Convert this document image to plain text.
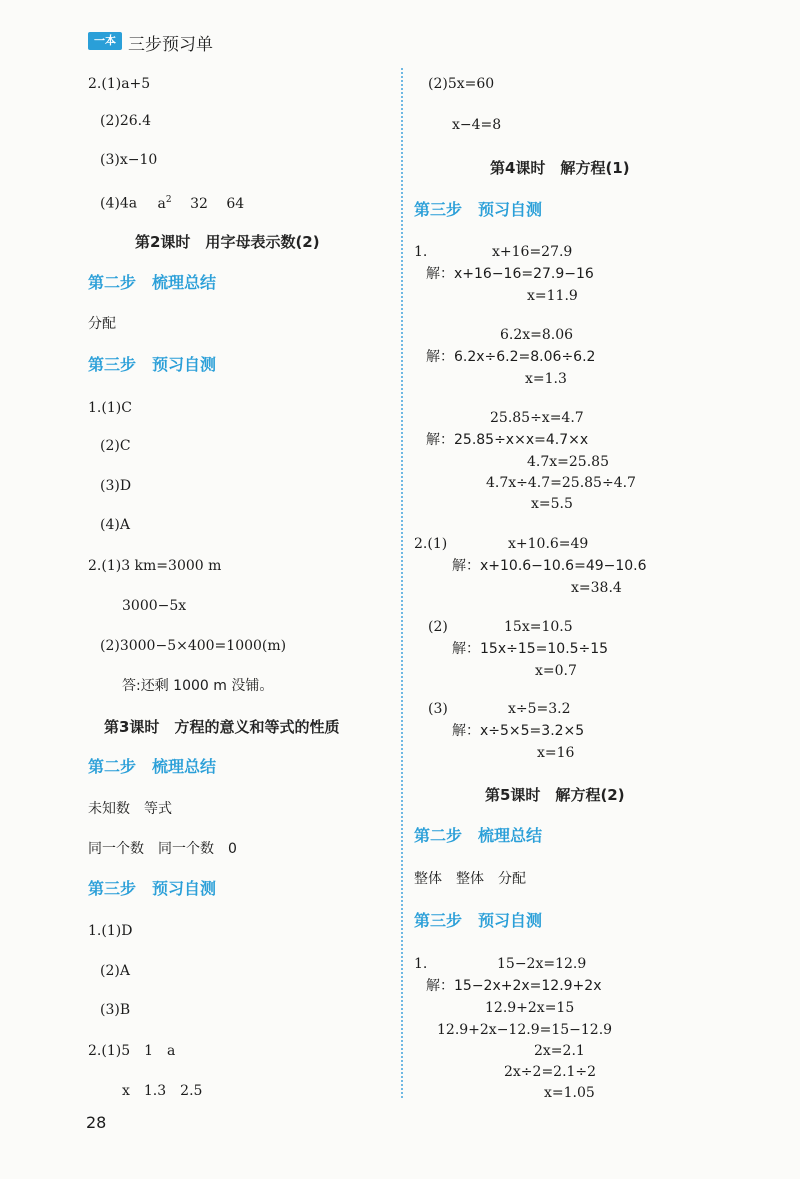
一本 三步预习单
2.(1)a+5
(2)26.4
(3)x−10
(4)4a $a^2$ 32 64
第2课时　用字母表示数(2)
第二步　梳理总结
分配
第三步　预习自测
1.(1)C
(2)C
(3)D
(4)A
2.(1)3 km=3000 m
3000−5x
(2)3000−5×400=1000(m)
答:还剩 1000 m 没铺。
第3课时　方程的意义和等式的性质
第二步　梳理总结
未知数　等式
同一个数　同一个数　0
第三步　预习自测
1.(1)D
(2)A
(3)B
2.(1)5　1　a
x　1.3　2.5
(2)5x=60
x−4=8
第4课时　解方程(1)
第三步　预习自测
1.	x+16=27.9
解：x+16−16=27.9−16
x=11.9
6.2x=8.06
解：6.2x÷6.2=8.06÷6.2
x=1.3
25.85÷x=4.7
解：25.85÷x×x=4.7×x
4.7x=25.85
4.7x÷4.7=25.85÷4.7
x=5.5
2.(1)	x+10.6=49
解：x+10.6−10.6=49−10.6
x=38.4
(2)	15x=10.5
解：15x÷15=10.5÷15
x=0.7
(3)	x÷5=3.2
解：x÷5×5=3.2×5
x=16
第5课时　解方程(2)
第二步　梳理总结
整体　整体　分配
第三步　预习自测
1.	15−2x=12.9
解：15−2x+2x=12.9+2x
12.9+2x=15
12.9+2x−12.9=15−12.9
2x=2.1
2x÷2=2.1÷2
x=1.05
28
